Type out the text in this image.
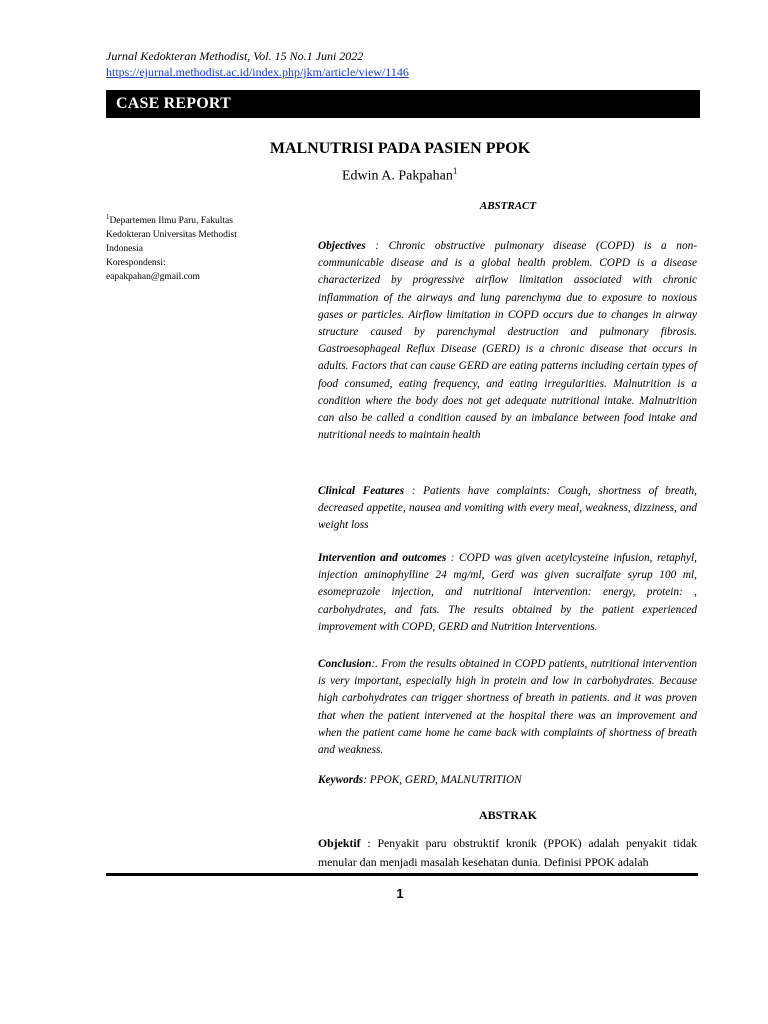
Jurnal Kedokteran Methodist, Vol. 15 No.1 Juni 2022
https://ejurnal.methodist.ac.id/index.php/jkm/article/view/1146
CASE REPORT
MALNUTRISI PADA PASIEN PPOK
Edwin A. Pakpahan$^1$
$^1$Departemen Ilmu Paru, Fakultas
Kedokteran Universitas Methodist
Indonesia
Korespondensi:
eapakpahan@gmail.com
ABSTRACT
Objectives : Chronic obstructive pulmonary disease (COPD) is a non-communicable disease and is a global health problem. COPD is a disease characterized by progressive airflow limitation associated with chronic inflammation of the airways and lung parenchyma due to exposure to noxious gases or particles. Airflow limitation in COPD occurs due to changes in airway structure caused by parenchymal destruction and pulmonary fibrosis. Gastroesophageal Reflux Disease (GERD) is a chronic disease that occurs in adults. Factors that can cause GERD are eating patterns including certain types of food consumed, eating frequency, and eating irregularities. Malnutrition is a condition where the body does not get adequate nutritional intake. Malnutrition can also be called a condition caused by an imbalance between food intake and nutritional needs to maintain health
Clinical Features : Patients have complaints: Cough, shortness of breath, decreased appetite, nausea and vomiting with every meal, weakness, dizziness, and weight loss
Intervention and outcomes : COPD was given acetylcysteine infusion, retaphyl, injection aminophylline 24 mg/ml, Gerd was given sucralfate syrup 100 ml, esomeprazole injection, and nutritional intervention: energy, protein: , carbohydrates, and fats. The results obtained by the patient experienced improvement with COPD, GERD and Nutrition Interventions.
Conclusion:. From the results obtained in COPD patients, nutritional intervention is very important, especially high in protein and low in carbohydrates. Because high carbohydrates can trigger shortness of breath in patients. and it was proven that when the patient intervened at the hospital there was an improvement and when the patient came home he came back with complaints of shortness of breath and weakness.
Keywords: PPOK, GERD, MALNUTRITION
ABSTRAK
Objektif : Penyakit paru obstruktif kronik (PPOK) adalah penyakit tidak menular dan menjadi masalah kesehatan dunia. Definisi PPOK adalah
1
